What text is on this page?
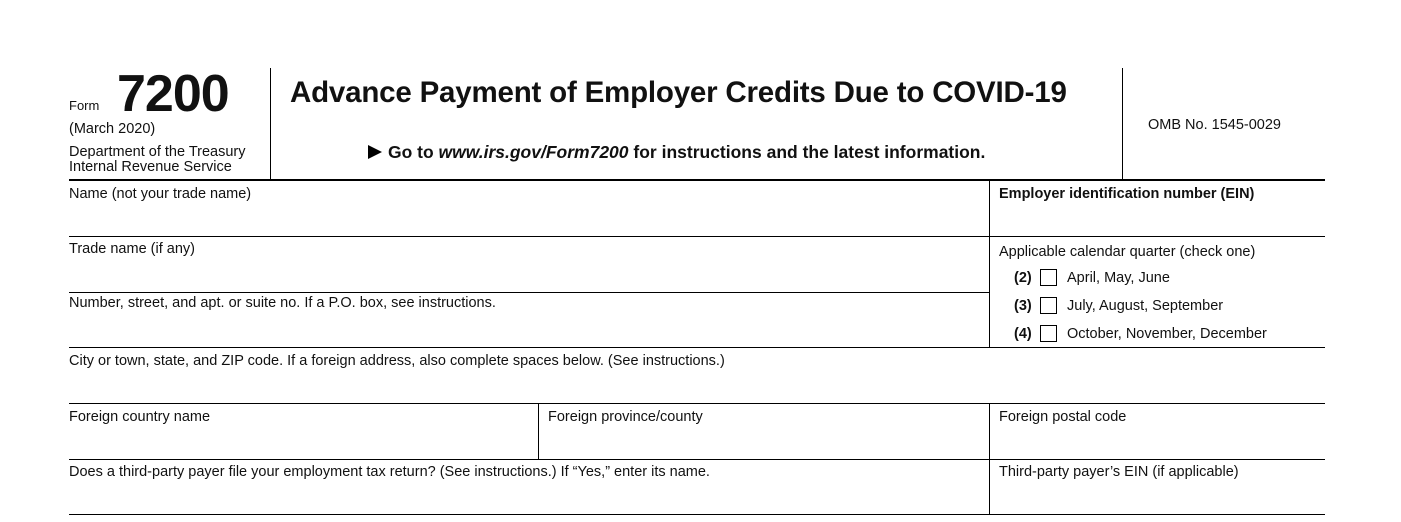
Form 7200
(March 2020)
Department of the Treasury
Internal Revenue Service
Advance Payment of Employer Credits Due to COVID-19
Go to www.irs.gov/Form7200 for instructions and the latest information.
OMB No. 1545-0029
Name (not your trade name)	Employer identification number (EIN)
Trade name (if any)
Number, street, and apt. or suite no. If a P.O. box, see instructions.
Applicable calendar quarter (check one)
(2) April, May, June
(3) July, August, September
(4) October, November, December
City or town, state, and ZIP code. If a foreign address, also complete spaces below. (See instructions.)
Foreign country name	Foreign province/county	Foreign postal code
Does a third-party payer file your employment tax return? (See instructions.) If “Yes,” enter its name.	Third-party payer’s EIN (if applicable)
